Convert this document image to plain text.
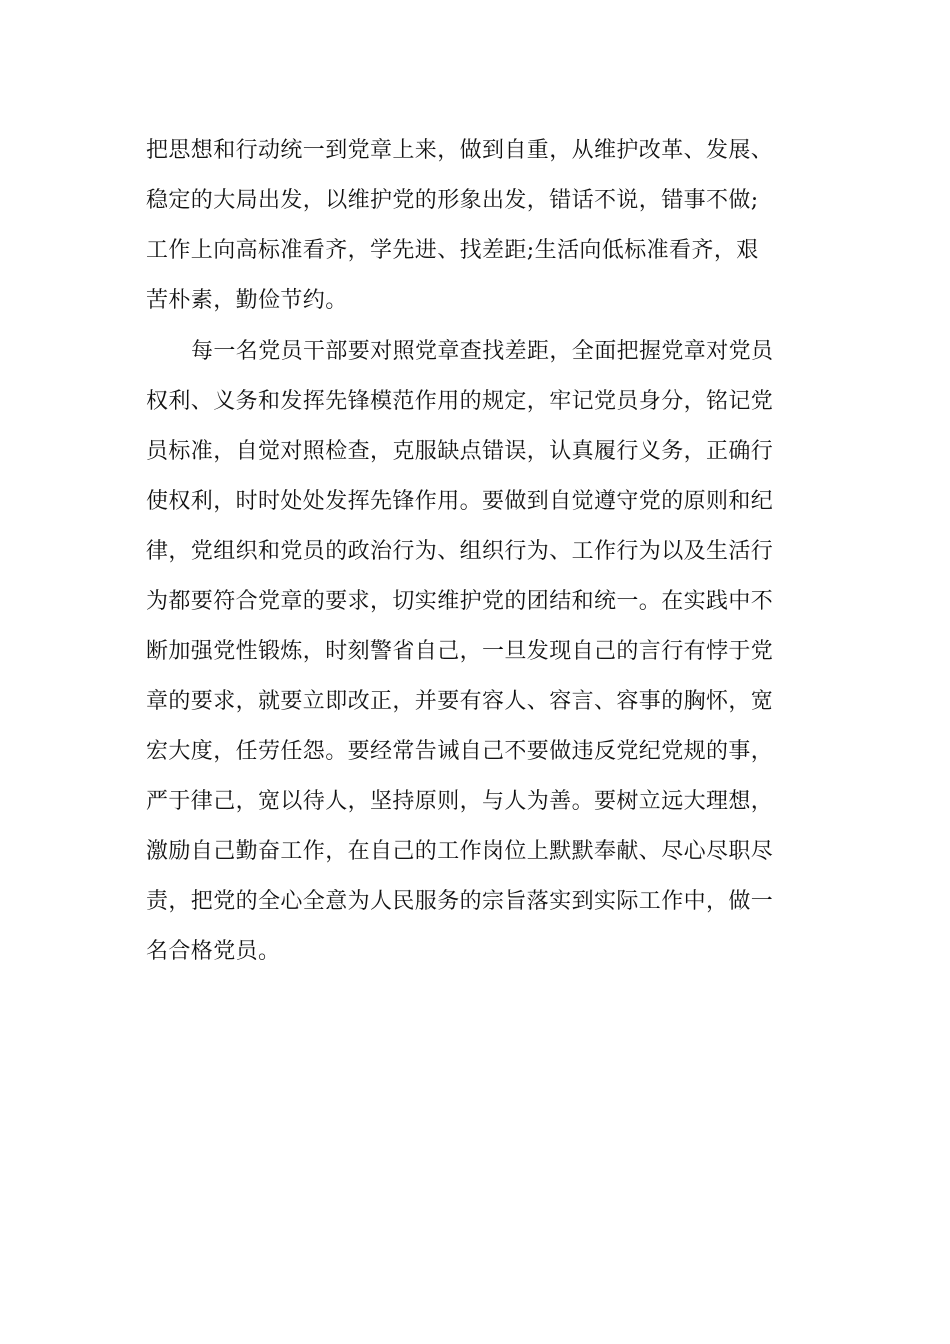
把思想和行动统一到党章上来，做到自重，从维护改革、发展、
稳定的大局出发，以维护党的形象出发，错话不说，错事不做;
工作上向高标准看齐，学先进、找差距;生活向低标准看齐，艰
苦朴素，勤俭节约。
每一名党员干部要对照党章查找差距，全面把握党章对党员
权利、义务和发挥先锋模范作用的规定，牢记党员身分，铭记党
员标准，自觉对照检查，克服缺点错误，认真履行义务，正确行
使权利，时时处处发挥先锋作用。要做到自觉遵守党的原则和纪
律，党组织和党员的政治行为、组织行为、工作行为以及生活行
为都要符合党章的要求，切实维护党的团结和统一。在实践中不
断加强党性锻炼，时刻警省自己，一旦发现自己的言行有悖于党
章的要求，就要立即改正，并要有容人、容言、容事的胸怀，宽
宏大度，任劳任怨。要经常告诫自己不要做违反党纪党规的事，
严于律己，宽以待人，坚持原则，与人为善。要树立远大理想，
激励自己勤奋工作，在自己的工作岗位上默默奉献、尽心尽职尽
责，把党的全心全意为人民服务的宗旨落实到实际工作中，做一
名合格党员。
